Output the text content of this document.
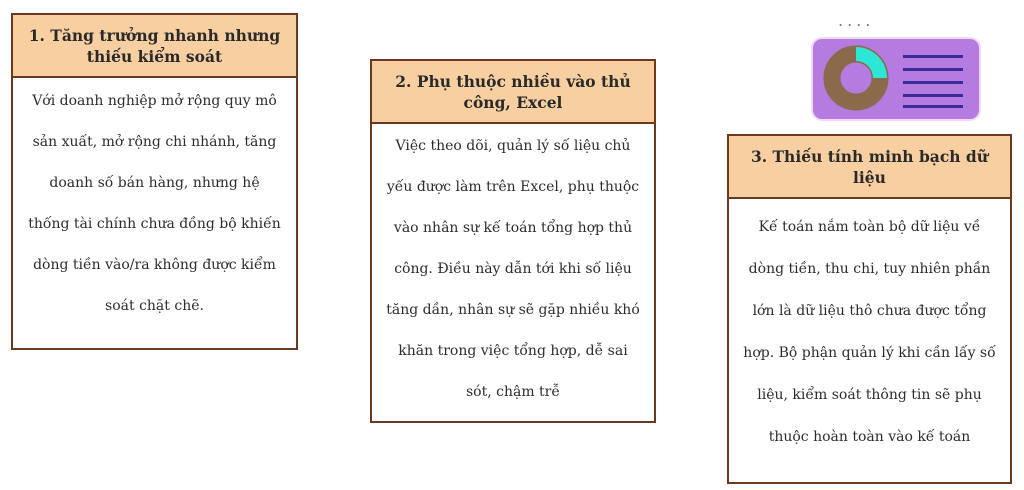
....
1. Tăng trưởng nhanh nhưng thiếu kiểm soát
Với doanh nghiệp mở rộng quy mô
sản xuất, mở rộng chi nhánh, tăng
doanh số bán hàng, nhưng hệ
thống tài chính chưa đồng bộ khiến
dòng tiền vào/ra không được kiểm
soát chặt chẽ.
2. Phụ thuộc nhiều vào thủ công, Excel
Việc theo dõi, quản lý số liệu chủ
yếu được làm trên Excel, phụ thuộc
vào nhân sự kế toán tổng hợp thủ
công. Điều này dẫn tới khi số liệu
tăng dần, nhân sự sẽ gặp nhiều khó
khăn trong việc tổng hợp, dễ sai
sót, chậm trễ
3. Thiếu tính minh bạch dữ liệu
Kế toán nắm toàn bộ dữ liệu về
dòng tiền, thu chi, tuy nhiên phần
lớn là dữ liệu thô chưa được tổng
hợp. Bộ phận quản lý khi cần lấy số
liệu, kiểm soát thông tin sẽ phụ
thuộc hoàn toàn vào kế toán
